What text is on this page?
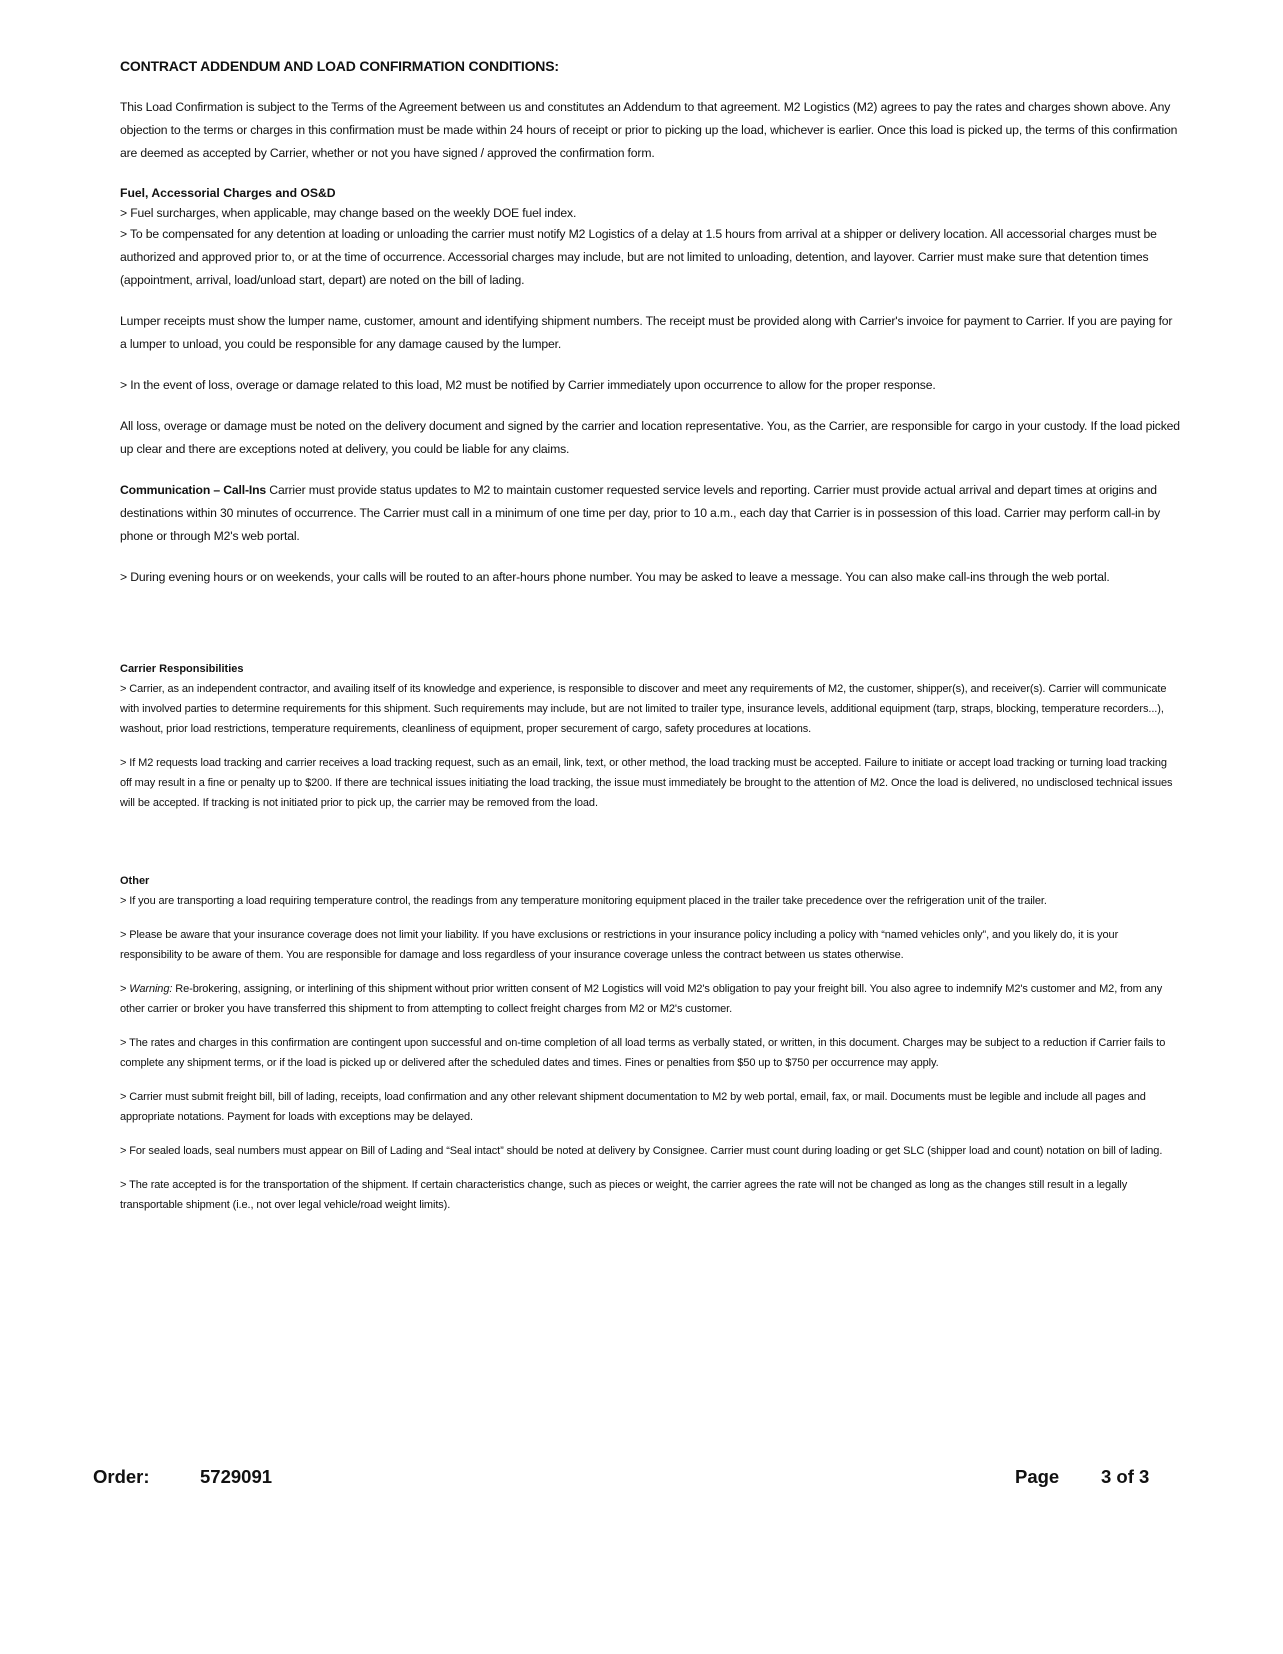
CONTRACT ADDENDUM AND LOAD CONFIRMATION CONDITIONS:

This Load Confirmation is subject to the Terms of the Agreement between us and constitutes an Addendum to that agreement. M2 Logistics (M2) agrees to pay the rates and charges shown above. Any objection to the terms or charges in this confirmation must be made within 24 hours of receipt or prior to picking up the load, whichever is earlier. Once this load is picked up, the terms of this confirmation are deemed as accepted by Carrier, whether or not you have signed / approved the confirmation form.

Fuel, Accessorial Charges and OS&D

> Fuel surcharges, when applicable, may change based on the weekly DOE fuel index.

> To be compensated for any detention at loading or unloading the carrier must notify M2 Logistics of a delay at 1.5 hours from arrival at a shipper or delivery location. All accessorial charges must be authorized and approved prior to, or at the time of occurrence. Accessorial charges may include, but are not limited to unloading, detention, and layover. Carrier must make sure that detention times (appointment, arrival, load/unload start, depart) are noted on the bill of lading.

Lumper receipts must show the lumper name, customer, amount and identifying shipment numbers. The receipt must be provided along with Carrier's invoice for payment to Carrier. If you are paying for a lumper to unload, you could be responsible for any damage caused by the lumper.

> In the event of loss, overage or damage related to this load, M2 must be notified by Carrier immediately upon occurrence to allow for the proper response.

All loss, overage or damage must be noted on the delivery document and signed by the carrier and location representative. You, as the Carrier, are responsible for cargo in your custody. If the load picked up clear and there are exceptions noted at delivery, you could be liable for any claims.

Communication – Call-Ins Carrier must provide status updates to M2 to maintain customer requested service levels and reporting. Carrier must provide actual arrival and depart times at origins and destinations within 30 minutes of occurrence. The Carrier must call in a minimum of one time per day, prior to 10 a.m., each day that Carrier is in possession of this load. Carrier may perform call-in by phone or through M2's web portal.

> During evening hours or on weekends, your calls will be routed to an after-hours phone number. You may be asked to leave a message. You can also make call-ins through the web portal.

Carrier Responsibilities

> Carrier, as an independent contractor, and availing itself of its knowledge and experience, is responsible to discover and meet any requirements of M2, the customer, shipper(s), and receiver(s). Carrier will communicate with involved parties to determine requirements for this shipment. Such requirements may include, but are not limited to trailer type, insurance levels, additional equipment (tarp, straps, blocking, temperature recorders...), washout, prior load restrictions, temperature requirements, cleanliness of equipment, proper securement of cargo, safety procedures at locations.

> If M2 requests load tracking and carrier receives a load tracking request, such as an email, link, text, or other method, the load tracking must be accepted. Failure to initiate or accept load tracking or turning load tracking off may result in a fine or penalty up to $200. If there are technical issues initiating the load tracking, the issue must immediately be brought to the attention of M2. Once the load is delivered, no undisclosed technical issues will be accepted. If tracking is not initiated prior to pick up, the carrier may be removed from the load.

Other

> If you are transporting a load requiring temperature control, the readings from any temperature monitoring equipment placed in the trailer take precedence over the refrigeration unit of the trailer.

> Please be aware that your insurance coverage does not limit your liability. If you have exclusions or restrictions in your insurance policy including a policy with “named vehicles only”, and you likely do, it is your responsibility to be aware of them. You are responsible for damage and loss regardless of your insurance coverage unless the contract between us states otherwise.

> Warning: Re-brokering, assigning, or interlining of this shipment without prior written consent of M2 Logistics will void M2's obligation to pay your freight bill. You also agree to indemnify M2's customer and M2, from any other carrier or broker you have transferred this shipment to from attempting to collect freight charges from M2 or M2's customer.

> The rates and charges in this confirmation are contingent upon successful and on-time completion of all load terms as verbally stated, or written, in this document. Charges may be subject to a reduction if Carrier fails to complete any shipment terms, or if the load is picked up or delivered after the scheduled dates and times. Fines or penalties from $50 up to $750 per occurrence may apply.

> Carrier must submit freight bill, bill of lading, receipts, load confirmation and any other relevant shipment documentation to M2 by web portal, email, fax, or mail. Documents must be legible and include all pages and appropriate notations. Payment for loads with exceptions may be delayed.

> For sealed loads, seal numbers must appear on Bill of Lading and “Seal intact” should be noted at delivery by Consignee. Carrier must count during loading or get SLC (shipper load and count) notation on bill of lading.

> The rate accepted is for the transportation of the shipment. If certain characteristics change, such as pieces or weight, the carrier agrees the rate will not be changed as long as the changes still result in a legally transportable shipment (i.e., not over legal vehicle/road weight limits).

Order:	5729091	Page 3 of 3
